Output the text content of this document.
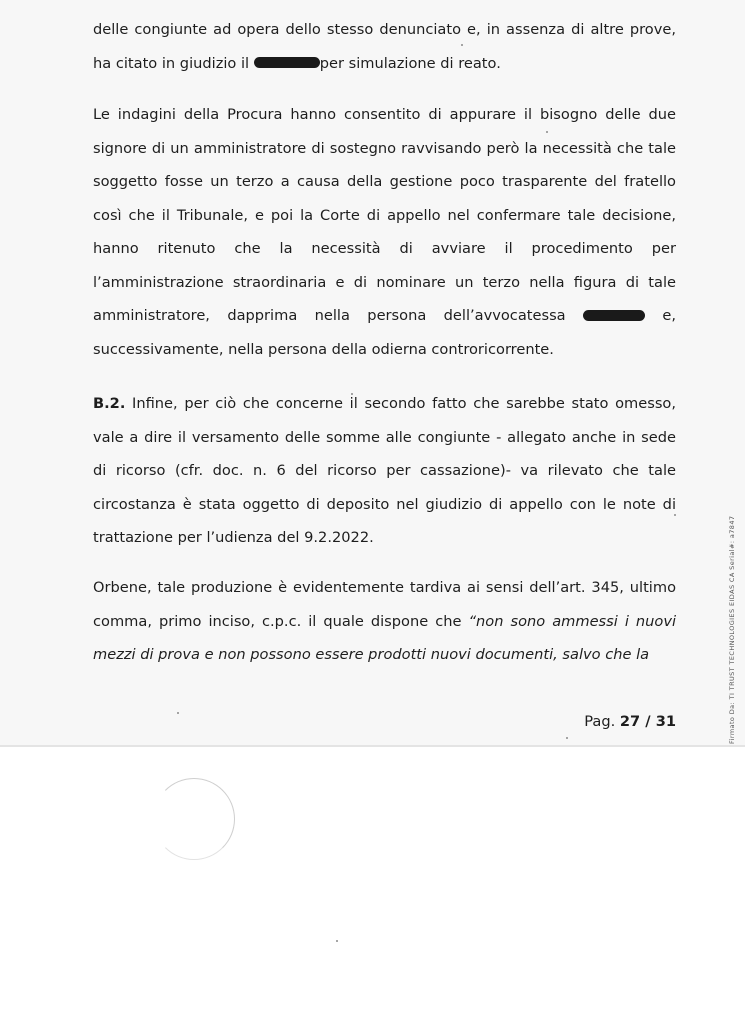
delle congiunte ad opera dello stesso denunciato e, in assenza di altre prove,

ha citato in giudizio il	per simulazione di reato.

Le indagini della Procura hanno consentito di appurare il bisogno delle due signore di un amministratore di sostegno ravvisando però la necessità che tale soggetto fosse un terzo a causa della gestione poco trasparente del fratello così che il Tribunale, e poi la Corte di appello nel confermare tale decisione, hanno ritenuto che la necessità di avviare il procedimento per l’amministrazione straordinaria e di nominare un terzo nella figura di tale amministratore, dapprima nella persona dell’avvocatessa	e, successivamente, nella persona della odierna controricorrente.

B.2. Infine, per ciò che concerne il secondo fatto che sarebbe stato omesso, vale a dire il versamento delle somme alle congiunte - allegato anche in sede di ricorso (cfr. doc. n. 6 del ricorso per cassazione)- va rilevato che tale circostanza è stata oggetto di deposito nel giudizio di appello con le note di trattazione per l’udienza del 9.2.2022.

Orbene, tale produzione è evidentemente tardiva ai sensi dell’art. 345, ultimo comma, primo inciso, c.p.c. il quale dispone che “non sono ammessi i nuovi mezzi di prova e non possono essere prodotti nuovi documenti, salvo che la

Pag. 27 / 31	Firmato Da: TI TRUST TECHNOLOGIES EIDAS CA Serial#: a7847
